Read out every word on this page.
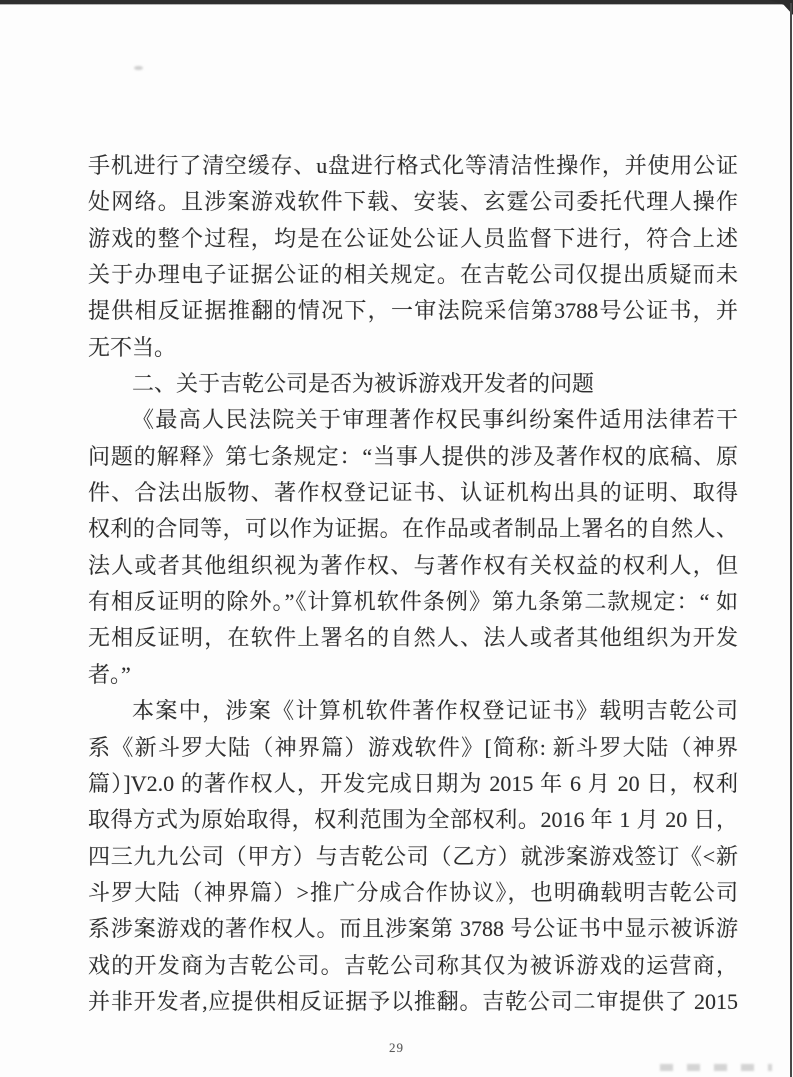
手机进行了清空缓存、u盘进行格式化等清洁性操作，并使用公证
处网络。且涉案游戏软件下载、安装、玄霆公司委托代理人操作
游戏的整个过程，均是在公证处公证人员监督下进行，符合上述
关于办理电子证据公证的相关规定。在吉乾公司仅提出质疑而未
提供相反证据推翻的情况下，一审法院采信第3788号公证书，并
无不当。
二、关于吉乾公司是否为被诉游戏开发者的问题
《最高人民法院关于审理著作权民事纠纷案件适用法律若干
问题的解释》第七条规定：“当事人提供的涉及著作权的底稿、原
件、合法出版物、著作权登记证书、认证机构出具的证明、取得
权利的合同等，可以作为证据。在作品或者制品上署名的自然人、
法人或者其他组织视为著作权、与著作权有关权益的权利人，但
有相反证明的除外。”《计算机软件条例》第九条第二款规定：“ 如
无相反证明，在软件上署名的自然人、法人或者其他组织为开发
者。”
本案中，涉案《计算机软件著作权登记证书》载明吉乾公司
系《新斗罗大陆（神界篇）游戏软件》[简称: 新斗罗大陆（神界
篇）]V2.0 的著作权人，开发完成日期为 2015 年 6 月 20 日，权利
取得方式为原始取得，权利范围为全部权利。2016 年 1 月 20 日，
四三九九公司（甲方）与吉乾公司（乙方）就涉案游戏签订《<新
斗罗大陆（神界篇）>推广分成合作协议》，也明确载明吉乾公司
系涉案游戏的著作权人。而且涉案第 3788 号公证书中显示被诉游
戏的开发商为吉乾公司。吉乾公司称其仅为被诉游戏的运营商，
并非开发者,应提供相反证据予以推翻。吉乾公司二审提供了 2015
29
